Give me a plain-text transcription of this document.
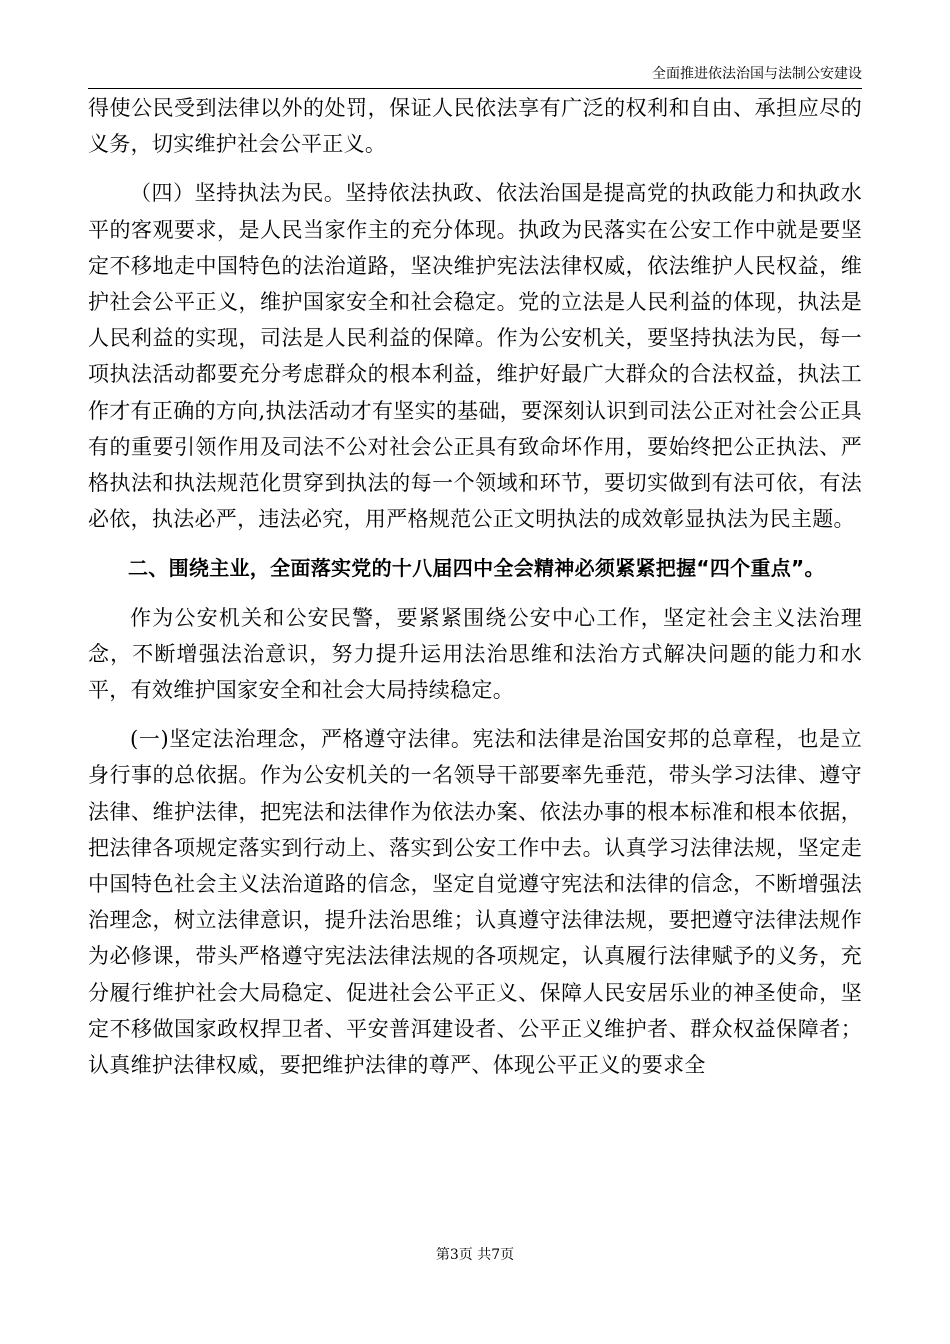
全面推进依法治国与法制公安建设

得使公民受到法律以外的处罚，保证人民依法享有广泛的权利和自由、承担应尽的义务，切实维护社会公平正义。

（四）坚持执法为民。坚持依法执政、依法治国是提高党的执政能力和执政水平的客观要求，是人民当家作主的充分体现。执政为民落实在公安工作中就是要坚定不移地走中国特色的法治道路，坚决维护宪法法律权威，依法维护人民权益，维护社会公平正义，维护国家安全和社会稳定。党的立法是人民利益的体现，执法是人民利益的实现，司法是人民利益的保障。作为公安机关，要坚持执法为民，每一项执法活动都要充分考虑群众的根本利益，维护好最广大群众的合法权益，执法工作才有正确的方向,执法活动才有坚实的基础，要深刻认识到司法公正对社会公正具有的重要引领作用及司法不公对社会公正具有致命坏作用，要始终把公正执法、严格执法和执法规范化贯穿到执法的每一个领域和环节，要切实做到有法可依，有法必依，执法必严，违法必究，用严格规范公正文明执法的成效彰显执法为民主题。

二、围绕主业，全面落实党的十八届四中全会精神必须紧紧把握“四个重点”。

作为公安机关和公安民警，要紧紧围绕公安中心工作，坚定社会主义法治理念，不断增强法治意识，努力提升运用法治思维和法治方式解决问题的能力和水平，有效维护国家安全和社会大局持续稳定。

(一)坚定法治理念，严格遵守法律。宪法和法律是治国安邦的总章程，也是立身行事的总依据。作为公安机关的一名领导干部要率先垂范，带头学习法律、遵守法律、维护法律，把宪法和法律作为依法办案、依法办事的根本标准和根本依据，把法律各项规定落实到行动上、落实到公安工作中去。认真学习法律法规，坚定走中国特色社会主义法治道路的信念，坚定自觉遵守宪法和法律的信念，不断增强法治理念，树立法律意识，提升法治思维；认真遵守法律法规，要把遵守法律法规作为必修课，带头严格遵守宪法法律法规的各项规定，认真履行法律赋予的义务，充分履行维护社会大局稳定、促进社会公平正义、保障人民安居乐业的神圣使命，坚定不移做国家政权捍卫者、平安普洱建设者、公平正义维护者、群众权益保障者；认真维护法律权威，要把维护法律的尊严、体现公平正义的要求全

第3页 共7页
